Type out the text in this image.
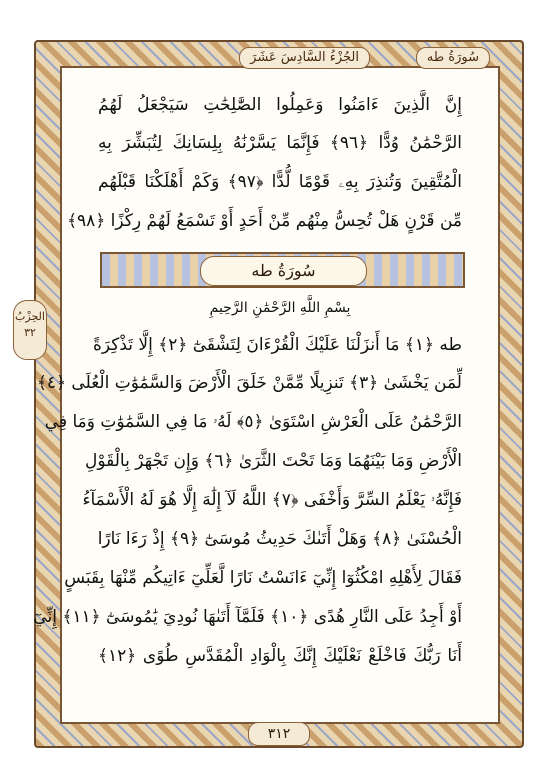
الجُزْءُ السَّادِسَ عَشَرَ	سُورَةُ طه
إِنَّ الَّذِينَ ءَامَنُوا وَعَمِلُوا الصَّٰلِحَٰتِ سَيَجْعَلُ لَهُمُ
الرَّحْمَٰنُ وُدًّا ﴿٩٦﴾ فَإِنَّمَا يَسَّرْنَٰهُ بِلِسَانِكَ لِتُبَشِّرَ بِهِ
الْمُتَّقِينَ وَتُنذِرَ بِهِۦ قَوْمًا لُّدًّا ﴿٩٧﴾ وَكَمْ أَهْلَكْنَا قَبْلَهُم
مِّن قَرْنٍ هَلْ تُحِسُّ مِنْهُم مِّنْ أَحَدٍ أَوْ تَسْمَعُ لَهُمْ رِكْزًا ﴿٩٨﴾
سُورَةُ طه
بِسْمِ اللَّهِ الرَّحْمَٰنِ الرَّحِيمِ
الحِزْبُ
٣٢
طه ﴿١﴾ مَا أَنزَلْنَا عَلَيْكَ الْقُرْءَانَ لِتَشْقَىٰٓ ﴿٢﴾ إِلَّا تَذْكِرَةً
لِّمَن يَخْشَىٰ ﴿٣﴾ تَنزِيلًا مِّمَّنْ خَلَقَ الْأَرْضَ وَالسَّمَٰوَٰتِ الْعُلَى ﴿٤﴾
الرَّحْمَٰنُ عَلَى الْعَرْشِ اسْتَوَىٰ ﴿٥﴾ لَهُۥ مَا فِي السَّمَٰوَٰتِ وَمَا فِي
الْأَرْضِ وَمَا بَيْنَهُمَا وَمَا تَحْتَ الثَّرَىٰ ﴿٦﴾ وَإِن تَجْهَرْ بِالْقَوْلِ
فَإِنَّهُۥ يَعْلَمُ السِّرَّ وَأَخْفَى ﴿٧﴾ اللَّهُ لَآ إِلَٰهَ إِلَّا هُوَ لَهُ الْأَسْمَآءُ
الْحُسْنَىٰ ﴿٨﴾ وَهَلْ أَتَىٰكَ حَدِيثُ مُوسَىٰٓ ﴿٩﴾ إِذْ رَءَا نَارًا
فَقَالَ لِأَهْلِهِ امْكُثُوٓا إِنِّيٓ ءَانَسْتُ نَارًا لَّعَلِّيٓ ءَاتِيكُم مِّنْهَا بِقَبَسٍ
أَوْ أَجِدُ عَلَى النَّارِ هُدًى ﴿١٠﴾ فَلَمَّآ أَتَىٰهَا نُودِيَ يَٰمُوسَىٰٓ ﴿١١﴾ إِنِّيٓ
أَنَا رَبُّكَ فَاخْلَعْ نَعْلَيْكَ إِنَّكَ بِالْوَادِ الْمُقَدَّسِ طُوًى ﴿١٢﴾
٣١٢
